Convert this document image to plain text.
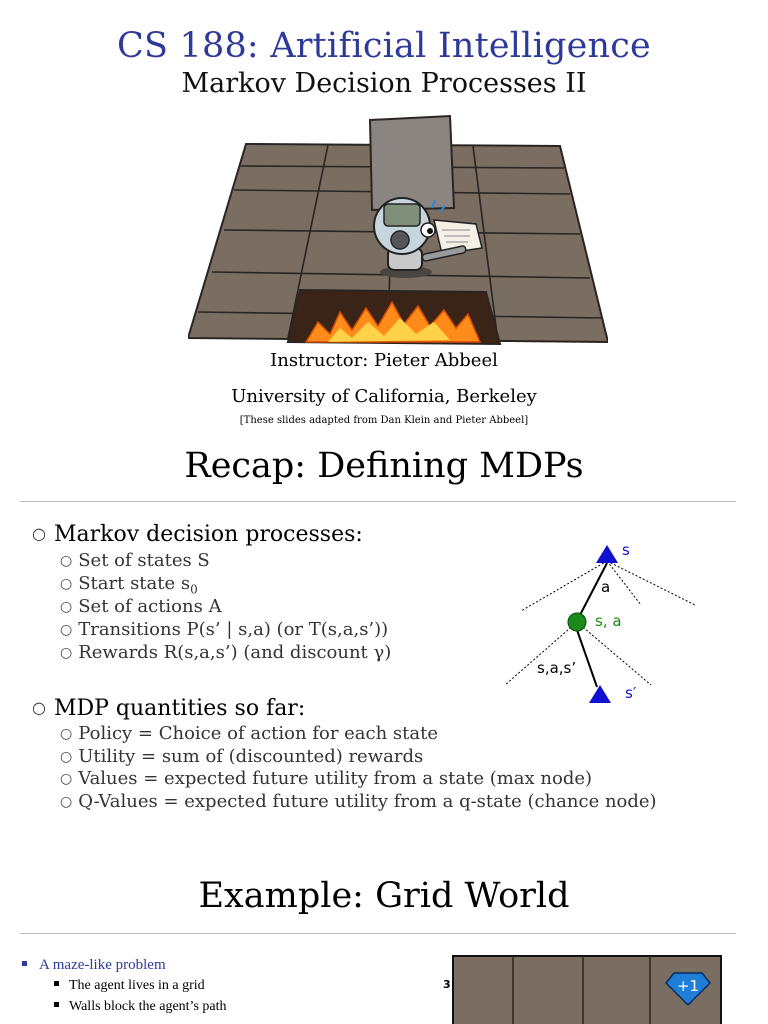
CS 188: Artificial Intelligence
Markov Decision Processes II
Instructor: Pieter Abbeel
University of California, Berkeley
[These slides adapted from Dan Klein and Pieter Abbeel]
Recap: Defining MDPs
○ Markov decision processes:
○ Set of states S
○ Start state $s_0$
○ Set of actions A
○ Transitions P(s’ | s,a) (or T(s,a,s’))
○ Rewards R(s,a,s’) (and discount γ)
○ MDP quantities so far:
○ Policy = Choice of action for each state
○ Utility = sum of (discounted) rewards
○ Values = expected future utility from a state (max node)
○ Q-Values = expected future utility from a q-state (chance node)
s
a
s, a
s,a,s’
s′
Example: Grid World
A maze-like problem
The agent lives in a grid
Walls block the agent’s path
3	+1
